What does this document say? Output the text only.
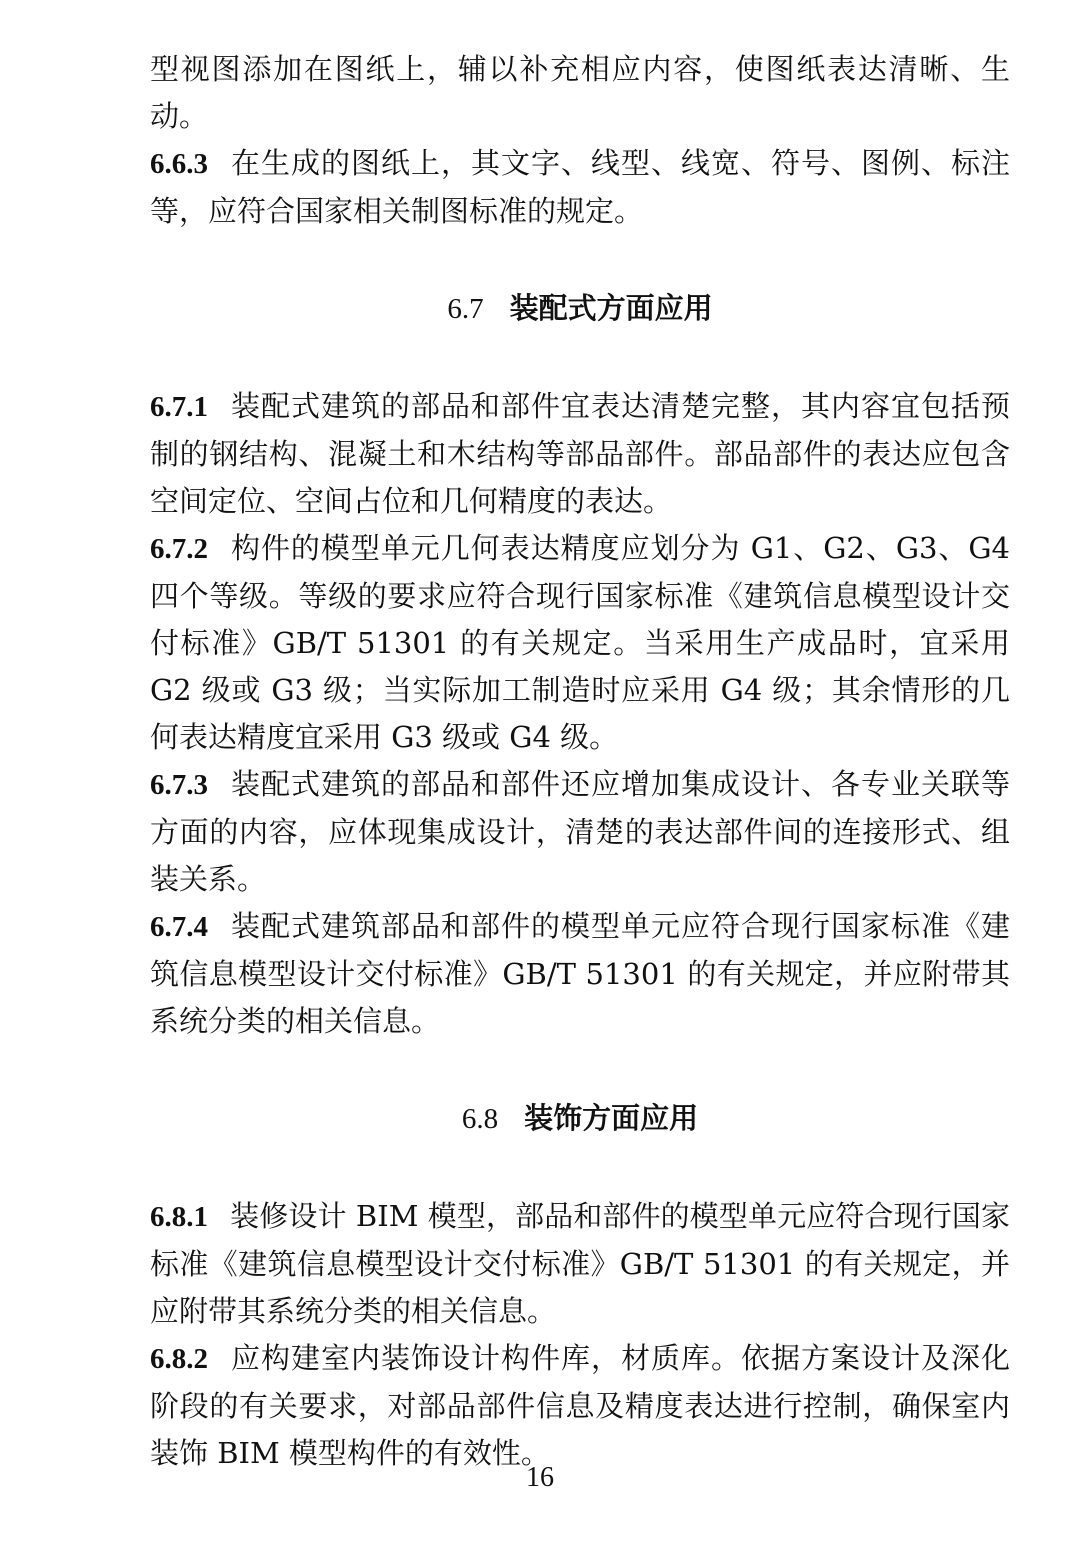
型视图添加在图纸上，辅以补充相应内容，使图纸表达清晰、生动。

6.6.3 在生成的图纸上，其文字、线型、线宽、符号、图例、标注等，应符合国家相关制图标准的规定。

6.7 装配式方面应用

6.7.1 装配式建筑的部品和部件宜表达清楚完整，其内容宜包括预制的钢结构、混凝土和木结构等部品部件。部品部件的表达应包含空间定位、空间占位和几何精度的表达。

6.7.2 构件的模型单元几何表达精度应划分为 G1、G2、G3、G4 四个等级。等级的要求应符合现行国家标准《建筑信息模型设计交付标准》GB/T 51301 的有关规定。当采用生产成品时，宜采用 G2 级或 G3 级；当实际加工制造时应采用 G4 级；其余情形的几何表达精度宜采用 G3 级或 G4 级。

6.7.3 装配式建筑的部品和部件还应增加集成设计、各专业关联等方面的内容，应体现集成设计，清楚的表达部件间的连接形式、组装关系。

6.7.4 装配式建筑部品和部件的模型单元应符合现行国家标准《建筑信息模型设计交付标准》GB/T 51301 的有关规定，并应附带其系统分类的相关信息。

6.8 装饰方面应用

6.8.1 装修设计 BIM 模型，部品和部件的模型单元应符合现行国家标准《建筑信息模型设计交付标准》GB/T 51301 的有关规定，并应附带其系统分类的相关信息。

6.8.2 应构建室内装饰设计构件库，材质库。依据方案设计及深化阶段的有关要求，对部品部件信息及精度表达进行控制，确保室内装饰 BIM 模型构件的有效性。

16
